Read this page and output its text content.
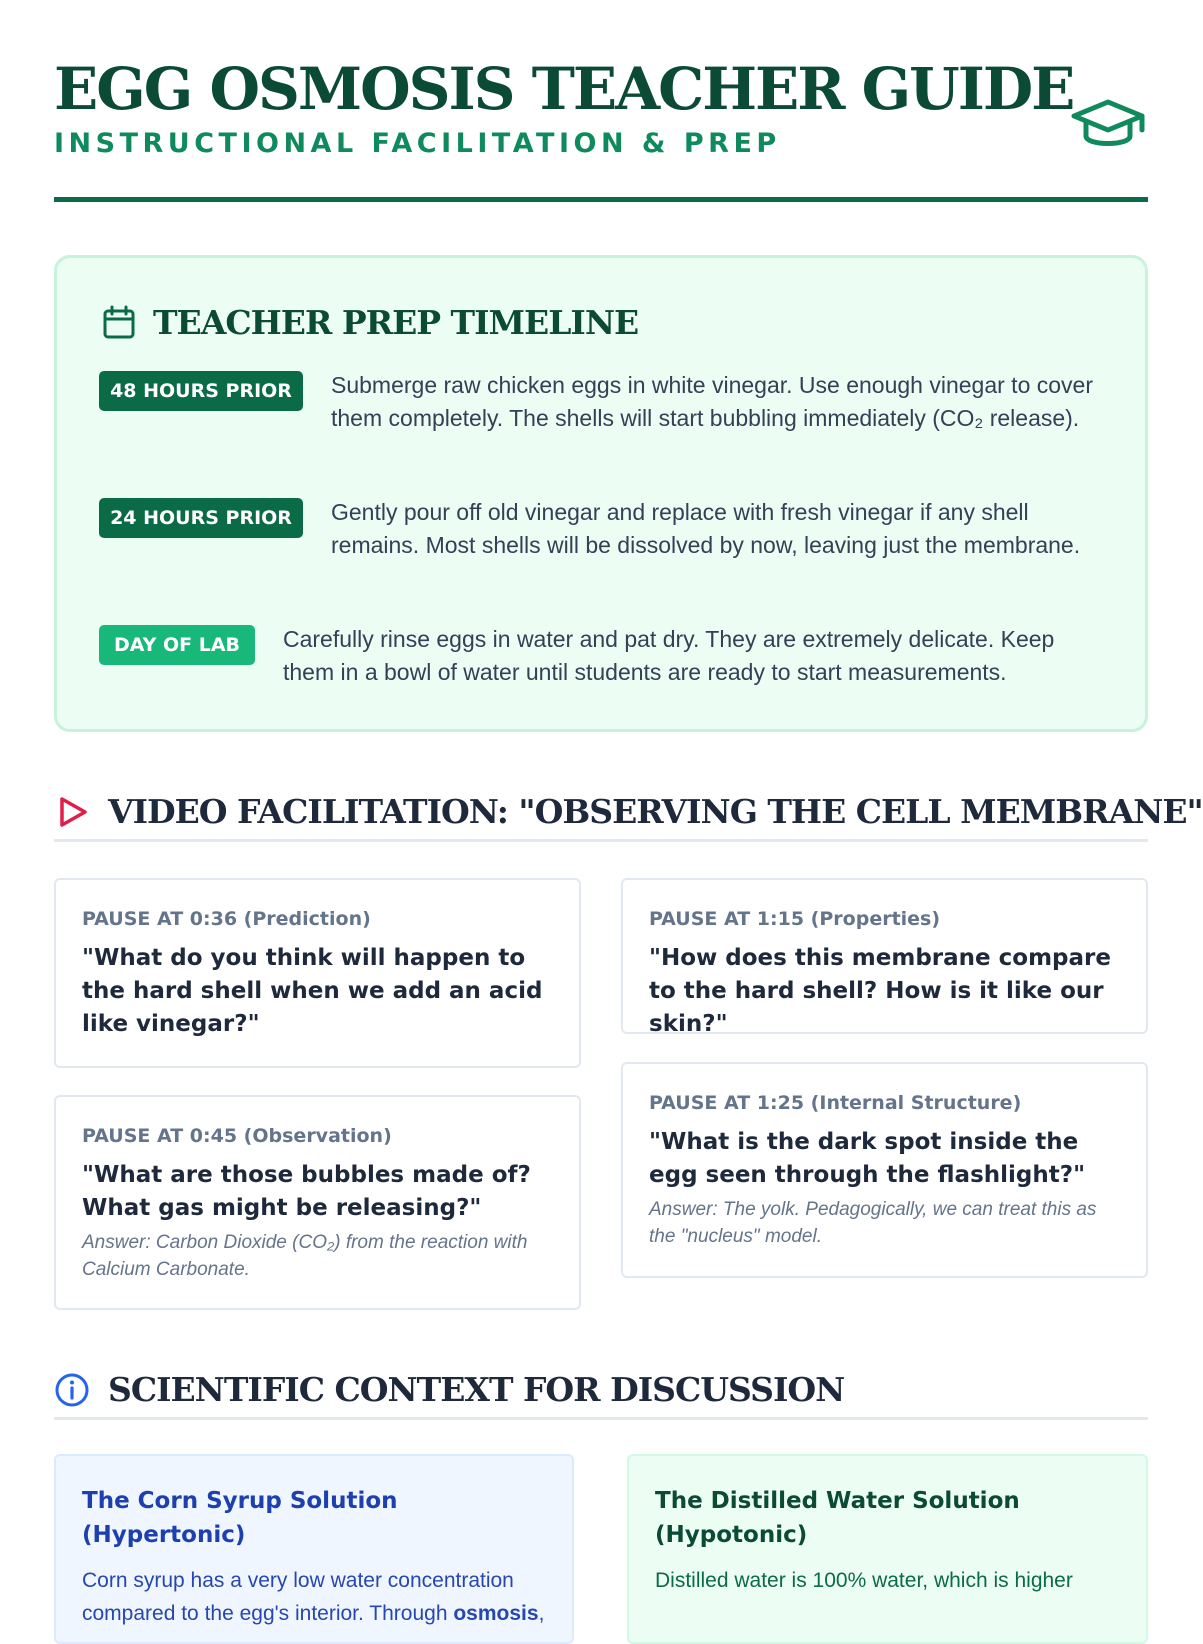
EGG OSMOSIS TEACHER GUIDE
INSTRUCTIONAL FACILITATION & PREP
TEACHER PREP TIMELINE
48 HOURS PRIOR	Submerge raw chicken eggs in white vinegar. Use enough vinegar to cover them completely. The shells will start bubbling immediately (CO₂ release).
24 HOURS PRIOR	Gently pour off old vinegar and replace with fresh vinegar if any shell remains. Most shells will be dissolved by now, leaving just the membrane.
DAY OF LAB	Carefully rinse eggs in water and pat dry. They are extremely delicate. Keep them in a bowl of water until students are ready to start measurements.
VIDEO FACILITATION: "OBSERVING THE CELL MEMBRANE"
PAUSE AT 0:36 (Prediction)
"What do you think will happen to the hard shell when we add an acid like vinegar?"
PAUSE AT 0:45 (Observation)
"What are those bubbles made of? What gas might be releasing?"
Answer: Carbon Dioxide (CO₂) from the reaction with Calcium Carbonate.
PAUSE AT 1:15 (Properties)
"How does this membrane compare to the hard shell? How is it like our skin?"
PAUSE AT 1:25 (Internal Structure)
"What is the dark spot inside the egg seen through the flashlight?"
Answer: The yolk. Pedagogically, we can treat this as the "nucleus" model.
SCIENTIFIC CONTEXT FOR DISCUSSION
The Corn Syrup Solution (Hypertonic)
Corn syrup has a very low water concentration compared to the egg's interior. Through osmosis,
The Distilled Water Solution (Hypotonic)
Distilled water is 100% water, which is higher
